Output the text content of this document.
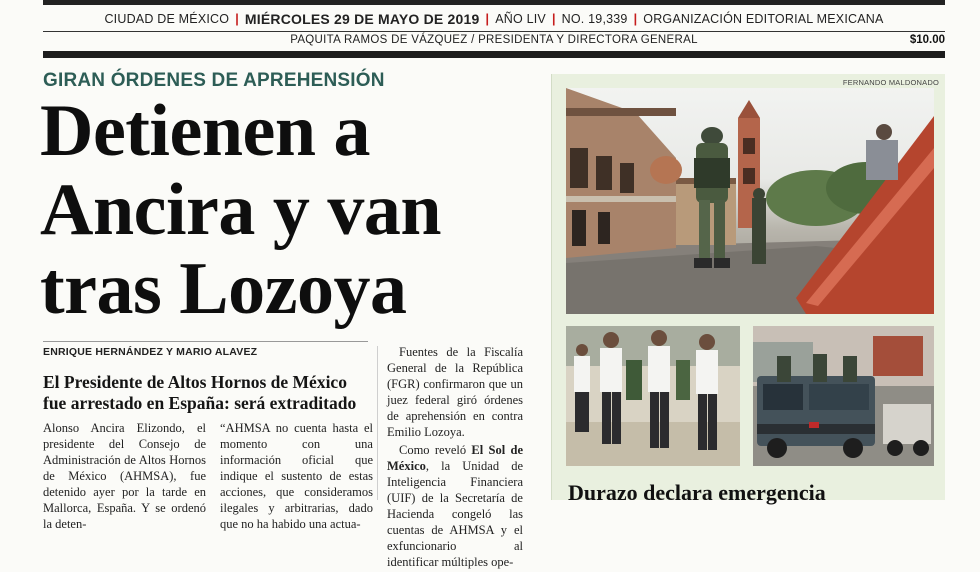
CIUDAD DE MÉXICO | MIÉRCOLES 29 DE MAYO DE 2019 | AÑO LIV | NO. 19,339 | ORGANIZACIÓN EDITORIAL MEXICANA
PAQUITA RAMOS DE VÁZQUEZ / PRESIDENTA Y DIRECTORA GENERAL	$10.00
GIRAN ÓRDENES DE APREHENSIÓN
Detienen a
Ancira y van
tras Lozoya
ENRIQUE HERNÁNDEZ Y MARIO ALAVEZ
El Presidente de Altos Hornos de México fue arrestado en España: será extraditado

Alonso Ancira Elizondo, el presidente del Consejo de Administración de Altos Hornos de México (AHMSA), fue detenido ayer por la tarde en Mallorca, España. Y se ordenó la deten-

“AHMSA no cuenta hasta el momento con una información oficial que indique el sustento de estas acciones, que consideramos ilegales y arbitrarias, dado que no ha habido una actua-

Fuentes de la Fiscalía General de la República (FGR) confirmaron que un juez federal giró órdenes de aprehensión en contra Emilio Lozoya.

Como reveló El Sol de México, la Unidad de Inteligencia Financiera (UIF) de la Secretaría de Hacienda congeló las cuentas de AHMSA y el exfuncionario al identificar múltiples ope-

FERNANDO MALDONADO
Durazo declara emergencia
